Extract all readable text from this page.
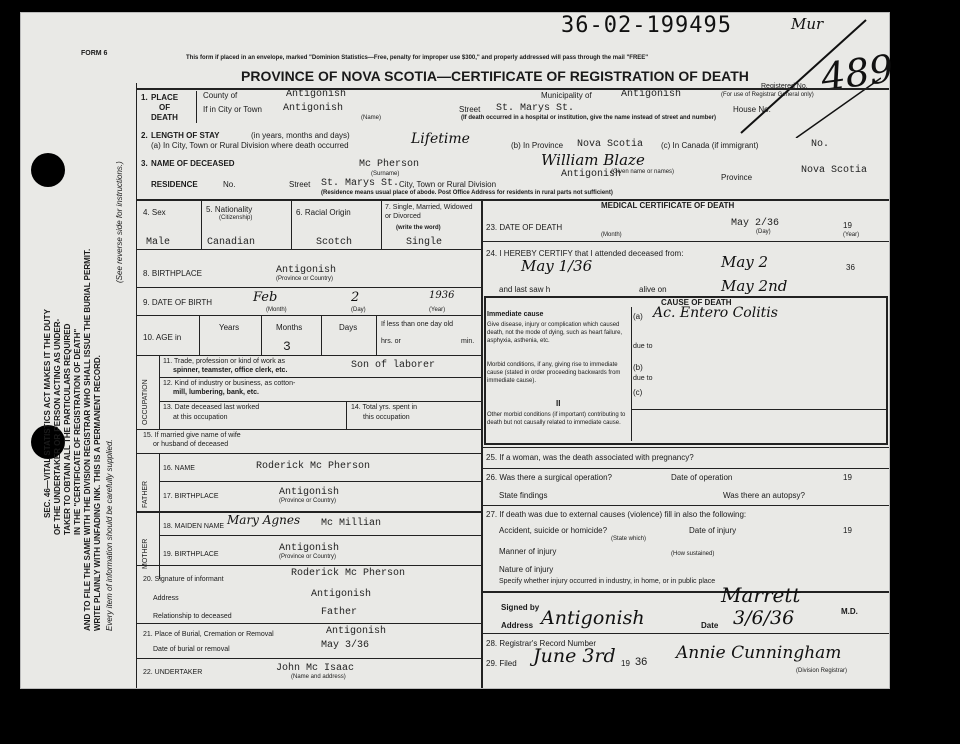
SEC. 46—VITAL STATISTICS ACT MAKES IT THE DUTY OF THE UNDERTAKER OR PERSON ACTING AS UNDER- TAKER TO OBTAIN ALL THE PARTICULARS REQUIRED IN THE "CERTIFICATE OF REGISTRATION OF DEATH" AND TO FILE THE SAME WITH THE DIVISION REGISTRAR WHO SHALL ISSUE THE BURIAL PERMIT. WRITE PLAINLY WITH UNFADING INK. THIS IS A PERMANENT RECORD. Every item of information should be carefully supplied.
(See reverse side for instructions.)
36-02-199495	Mur
489
FORM 6
This form if placed in an envelope, marked "Dominion Statistics—Free, penalty for improper use $300," and properly addressed will pass through the mail "FREE"
PROVINCE OF NOVA SCOTIA—CERTIFICATE OF REGISTRATION OF DEATH
Registered No.
(For use of Registrar General only)
1. PLACE
OF
DEATH
County of	Antigonish	Municipality of	Antigonish
If in City or Town Antigonish
(Name)
Street St. Marys St.	House No.
(If death occurred in a hospital or institution, give the name instead of street and number)
2. LENGTH OF STAY	(in years, months and days)
(a) In City, Town or Rural Division where death occurred	Lifetime	(b) In Province Nova Scotia (c) In Canada (if immigrant)	No.
3. NAME OF DECEASED	Mc Pherson
(Surname)
William Blaze
(Given name or names)
RESIDENCE	No.	Street St. Marys St. City, Town or Rural Division
Antigonish	Province
Nova Scotia
(Residence means usual place of abode. Post Office Address for residents in rural parts not sufficient)
4. Sex
Male
5. Nationality
(Citizenship)
Canadian
6. Racial Origin
Scotch
7. Single, Married, Widowed or Divorced
(write the word)
Single
8. BIRTHPLACE	Antigonish
(Province or Country)
9. DATE OF BIRTH	Feb	2	1936
(Month)	(Day)	(Year)
10. AGE in
Years	Months
3
Days	If less than one day old
hrs. or	min.
OCCUPATION
11. Trade, profession or kind of work as
spinner, teamster, office clerk, etc.	Son of laborer
12. Kind of industry or business, as cotton-
mill, lumbering, bank, etc.
13. Date deceased last worked
at this occupation
14. Total yrs. spent in
this occupation
15. If married give name of wife
or husband of deceased
FATHER
MOTHER
16. NAME	Roderick Mc Pherson
17. BIRTHPLACE	Antigonish
(Province or Country)
18. MAIDEN NAME Mary Agnes Mc Millian
19. BIRTHPLACE
Antigonish
(Province or Country)
20. Signature of informant
Roderick Mc Pherson
Address	Antigonish
Relationship to deceased	Father
21. Place of Burial, Cremation or Removal	Antigonish
Date of burial or removal	May 3/36
22. UNDERTAKER	John Mc Isaac
(Name and address)
MEDICAL CERTIFICATE OF DEATH
23. DATE OF DEATH	May 2/36	19
(Month)	(Day)	(Year)
24. I HEREBY CERTIFY that I attended deceased from:
May 1/36	May 2	36
and last saw h	alive on	May 2nd
CAUSE OF DEATH
Immediate cause
Give disease, injury or complication which caused death, not the mode of dying, such as heart failure, asphyxia, asthenia, etc.
(a) Ac. Entero Colitis
due to
Morbid conditions, if any, giving rise to immediate cause (stated in order proceeding backwards from immediate cause).
(b)
due to
(c)
II
Other morbid conditions (if important) contributing to death but not causally related to immediate cause.
25. If a woman, was the death associated with pregnancy?
26. Was there a surgical operation?	Date of operation	19
State findings	Was there an autopsy?
27. If death was due to external causes (violence) fill in also the following:
Accident, suicide or homicide?
(State which)
Date of injury	19
Manner of injury	(How sustained)
Nature of injury
Specify whether injury occurred in industry, in home, or in public place
Signed by
Marrett
M.D.
Address Antigonish	Date 3/6/36
28. Registrar's Record Number
29. Filed June 3rd 19 36 Annie Cunningham
(Division Registrar)
